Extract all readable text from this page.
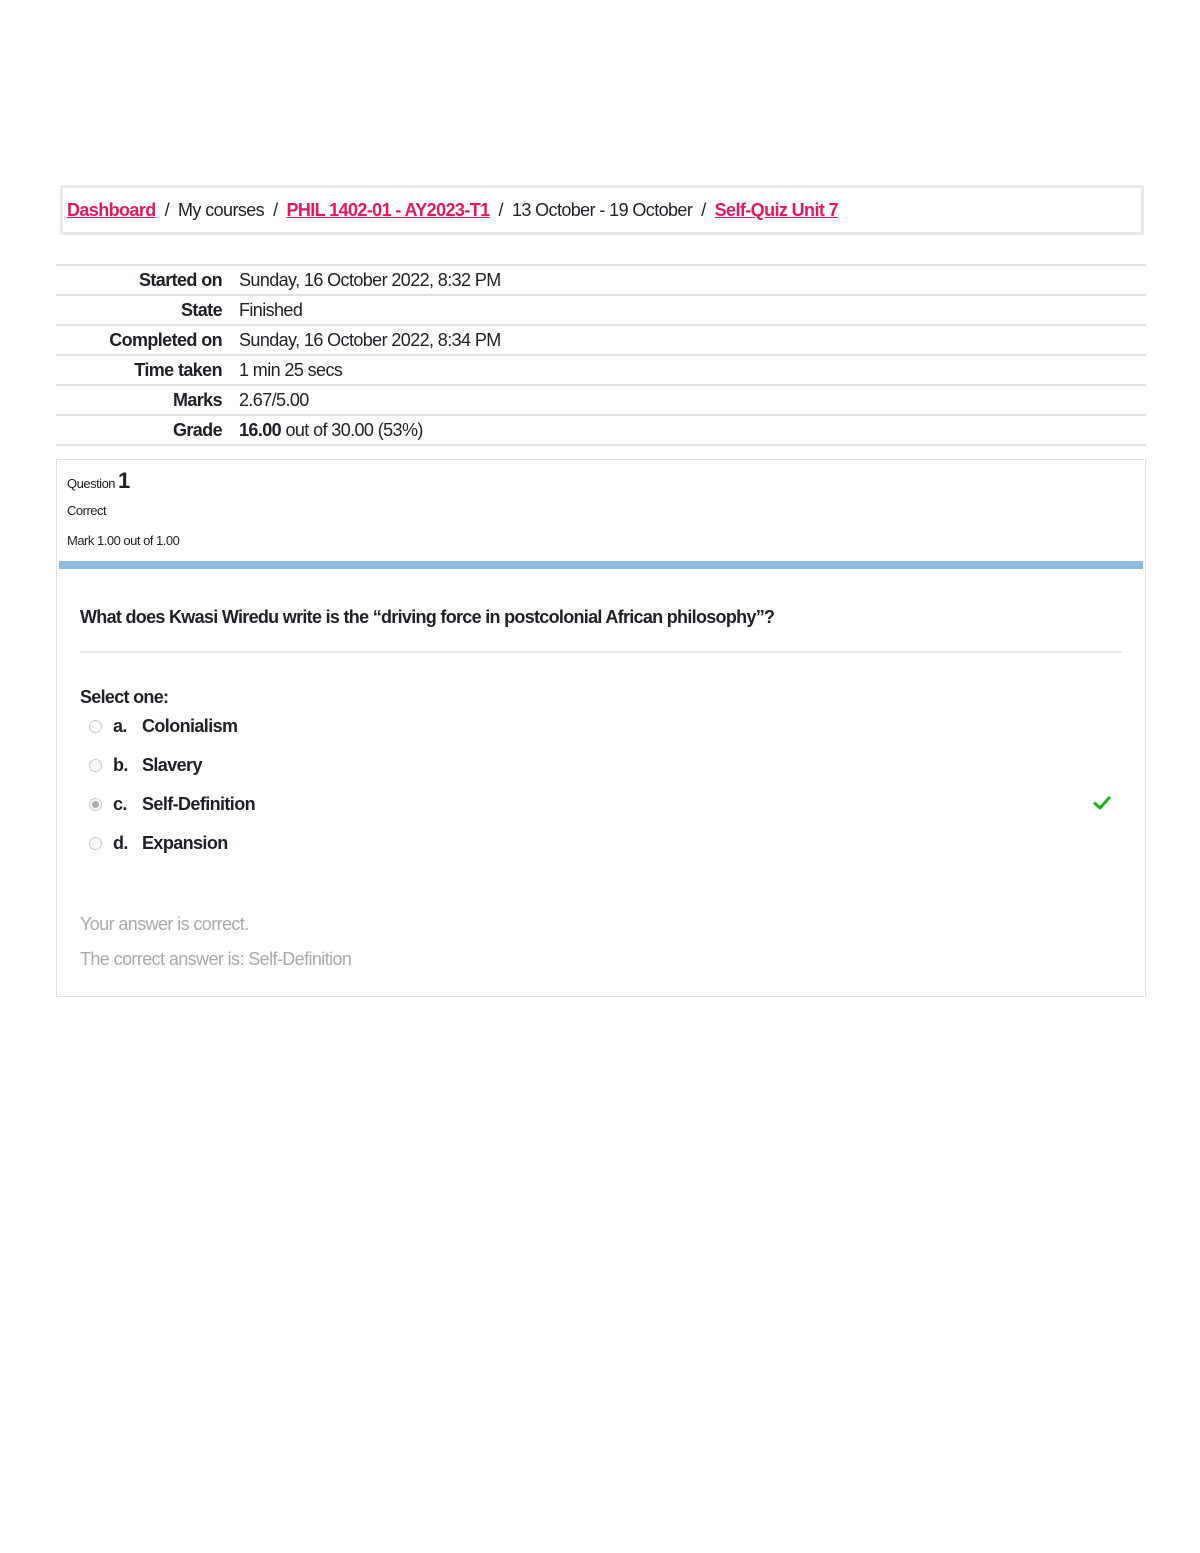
Dashboard / My courses / PHIL 1402-01 - AY2023-T1 / 13 October - 19 October / Self-Quiz Unit 7
Started on Sunday, 16 October 2022, 8:32 PM
State Finished
Completed on Sunday, 16 October 2022, 8:34 PM
Time taken 1 min 25 secs
Marks 2.67/5.00
Grade 16.00 out of 30.00 (53%)
Question 1
Correct
Mark 1.00 out of 1.00
What does Kwasi Wiredu write is the “driving force in postcolonial African philosophy”?
Select one:
a. Colonialism
b. Slavery
c. Self-Definition
d. Expansion
Your answer is correct.
The correct answer is: Self-Definition
